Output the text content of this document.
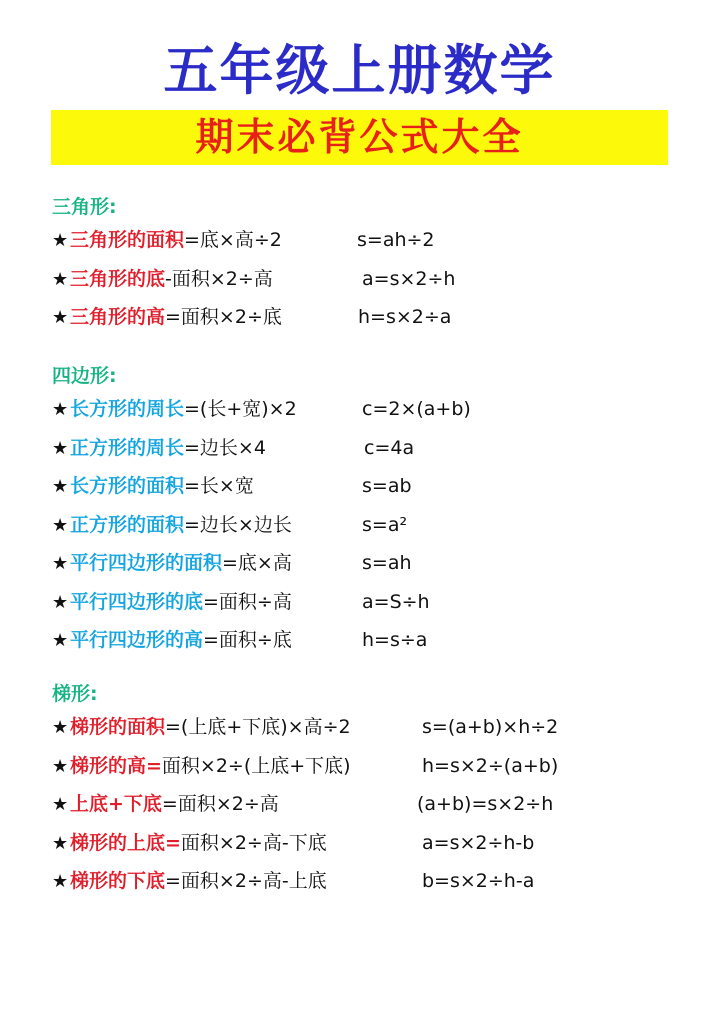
五年级上册数学
期末必背公式大全
三角形:
★三角形的面积=底×高÷2	s=ah÷2
★三角形的底-面积×2÷高	a=s×2÷h
★三角形的高=面积×2÷底	h=s×2÷a
四边形:
★长方形的周长=(长+宽)×2	c=2×(a+b)
★正方形的周长=边长×4	c=4a
★长方形的面积=长×宽	s=ab
★正方形的面积=边长×边长	s=a²
★平行四边形的面积=底×高	s=ah
★平行四边形的底=面积÷高	a=S÷h
★平行四边形的高=面积÷底	h=s÷a
梯形:
★梯形的面积=(上底+下底)×高÷2	s=(a+b)×h÷2
★梯形的高=面积×2÷(上底+下底)	h=s×2÷(a+b)
★上底+下底=面积×2÷高	(a+b)=s×2÷h
★梯形的上底=面积×2÷高-下底	a=s×2÷h-b
★梯形的下底=面积×2÷高-上底	b=s×2÷h-a
